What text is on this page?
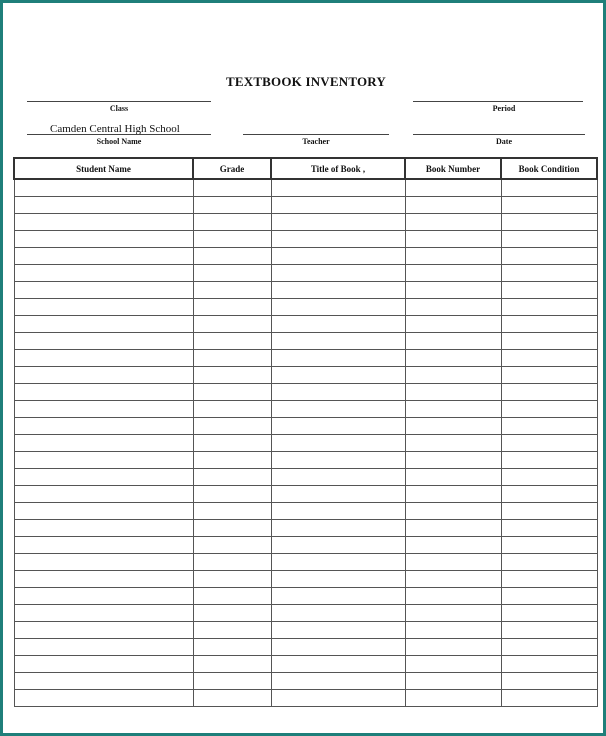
TEXTBOOK INVENTORY
Class	Period
Camden Central High School
School Name	Teacher	Date
Student Name	Grade	Title of Book ,	Book Number	Book Condition
